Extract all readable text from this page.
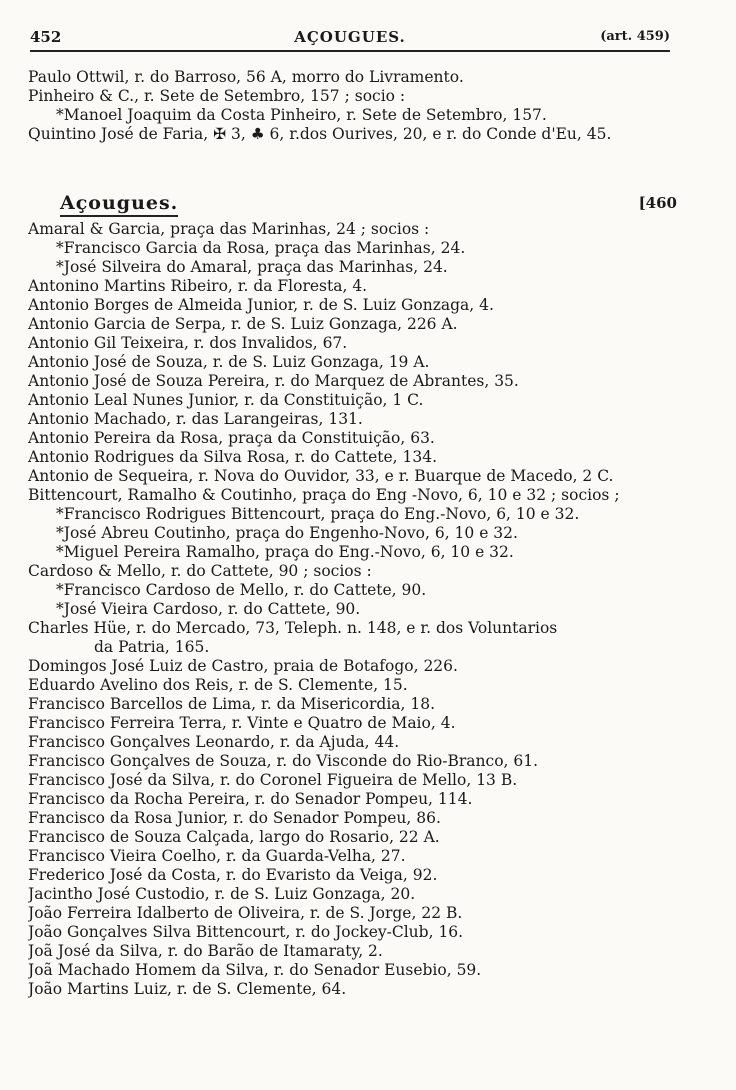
452	AÇOUGUES.	(art. 459)
Paulo Ottwil, r. do Barroso, 56 A, morro do Livramento.
Pinheiro & C., r. Sete de Setembro, 157 ; socio :
*Manoel Joaquim da Costa Pinheiro, r. Sete de Setembro, 157.
Quintino José de Faria, ✠ 3, ♣ 6, r.dos Ourives, 20, e r. do Conde d'Eu, 45.
Açougues.	[460
Amaral & Garcia, praça das Marinhas, 24 ; socios :
*Francisco Garcia da Rosa, praça das Marinhas, 24.
*José Silveira do Amaral, praça das Marinhas, 24.
Antonino Martins Ribeiro, r. da Floresta, 4.
Antonio Borges de Almeida Junior, r. de S. Luiz Gonzaga, 4.
Antonio Garcia de Serpa, r. de S. Luiz Gonzaga, 226 A.
Antonio Gil Teixeira, r. dos Invalidos, 67.
Antonio José de Souza, r. de S. Luiz Gonzaga, 19 A.
Antonio José de Souza Pereira, r. do Marquez de Abrantes, 35.
Antonio Leal Nunes Junior, r. da Constituição, 1 C.
Antonio Machado, r. das Larangeiras, 131.
Antonio Pereira da Rosa, praça da Constituição, 63.
Antonio Rodrigues da Silva Rosa, r. do Cattete, 134.
Antonio de Sequeira, r. Nova do Ouvidor, 33, e r. Buarque de Macedo, 2 C.
Bittencourt, Ramalho & Coutinho, praça do Eng -Novo, 6, 10 e 32 ; socios ;
*Francisco Rodrigues Bittencourt, praça do Eng.-Novo, 6, 10 e 32.
*José Abreu Coutinho, praça do Engenho-Novo, 6, 10 e 32.
*Miguel Pereira Ramalho, praça do Eng.-Novo, 6, 10 e 32.
Cardoso & Mello, r. do Cattete, 90 ; socios :
*Francisco Cardoso de Mello, r. do Cattete, 90.
*José Vieira Cardoso, r. do Cattete, 90.
Charles Hüe, r. do Mercado, 73, Teleph. n. 148, e r. dos Voluntarios
da Patria, 165.
Domingos José Luiz de Castro, praia de Botafogo, 226.
Eduardo Avelino dos Reis, r. de S. Clemente, 15.
Francisco Barcellos de Lima, r. da Misericordia, 18.
Francisco Ferreira Terra, r. Vinte e Quatro de Maio, 4.
Francisco Gonçalves Leonardo, r. da Ajuda, 44.
Francisco Gonçalves de Souza, r. do Visconde do Rio-Branco, 61.
Francisco José da Silva, r. do Coronel Figueira de Mello, 13 B.
Francisco da Rocha Pereira, r. do Senador Pompeu, 114.
Francisco da Rosa Junior, r. do Senador Pompeu, 86.
Francisco de Souza Calçada, largo do Rosario, 22 A.
Francisco Vieira Coelho, r. da Guarda-Velha, 27.
Frederico José da Costa, r. do Evaristo da Veiga, 92.
Jacintho José Custodio, r. de S. Luiz Gonzaga, 20.
João Ferreira Idalberto de Oliveira, r. de S. Jorge, 22 B.
João Gonçalves Silva Bittencourt, r. do Jockey-Club, 16.
Joã José da Silva, r. do Barão de Itamaraty, 2.
Joã Machado Homem da Silva, r. do Senador Eusebio, 59.
João Martins Luiz, r. de S. Clemente, 64.
